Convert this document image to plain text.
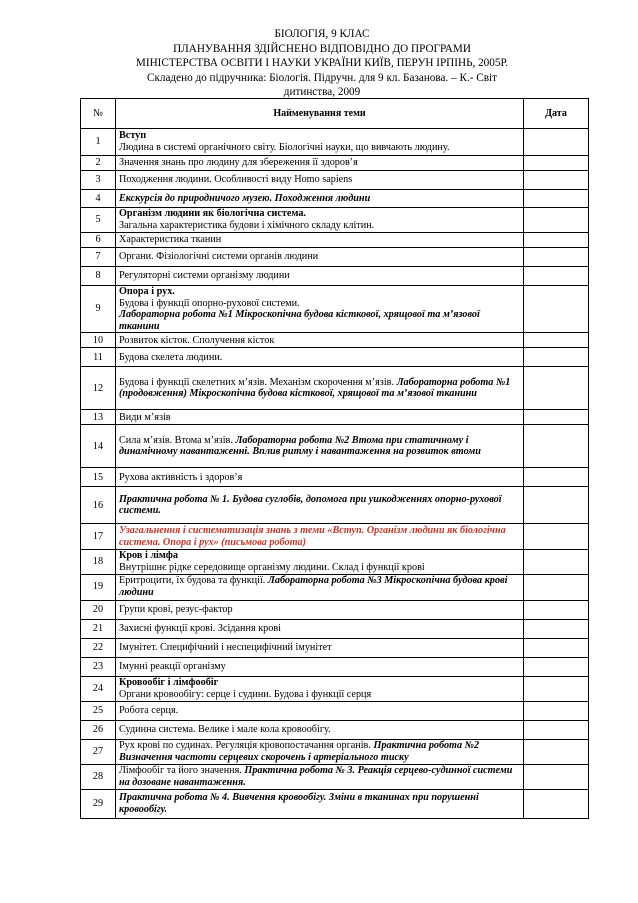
БІОЛОГІЯ, 9 КЛАС
ПЛАНУВАННЯ ЗДІЙСНЕНО ВІДПОВІДНО ДО ПРОГРАМИ
МІНІСТЕРСТВА ОСВІТИ І НАУКИ УКРАЇНИ КИЇВ, ПЕРУН ІРПІНЬ, 2005Р.
Складено до підручника: Біологія. Підручн. для 9 кл. Базанова. – К.- Світ
дитинства, 2009
№	Найменування теми	Дата
1	Вступ
Людина в системі органічного світу. Біологічні науки, що вивчають людину.	

2	Значення знань про людину для збереження її здоров’я	
3	Походження людини. Особливості виду Homo sapiens	
4	Екскурсія до природничого музею. Походження людини	
5	Організм людини як біологічна система.
Загальна характеристика будови і хімічного складу клітин.	

6	Характеристика тканин	
7	Органи. Фізіологічні системи органів людини	
8	Регуляторні системи організму людини	
9	Опора і рух.
Будова і функції опорно-рухової системи.
Лабораторна робота №1 Мікроскопічна будова кісткової, хрящової та м’язової тканини	
10	Розвиток кісток. Сполучення кісток	
11	Будова скелета людини.	
12	Будова і функції скелетних м’язів. Механізм скорочення м’язів. Лабораторна робота №1 (продовження) Мікроскопічна будова кісткової, хрящової та м’язової тканини	
13	Види м’язів	
14	Сила м’язів. Втома м’язів. Лабораторна робота №2 Втома при статичному і динамічному навантаженні. Вплив ритму і навантаження на розвиток втоми	
15	Рухова активність і здоров’я	
16	Практична робота № 1. Будова суглобів, допомога при ушкодженнях опорно-рухової системи.	
17	Узагальнення і систематизація знань з теми «Вступ. Організм людини як біологічна система. Опора і рух» (письмова робота)	
18	Кров і лімфа
Внутрішнє рідке середовище організму людини. Склад і функції крові	

19	Еритроцити, їх будова та функції. Лабораторна робота №3 Мікроскопічна будова крові людини	
20	Групи крові, резус-фактор	
21	Захисні функції крові. Зсідання крові	
22	Імунітет. Специфічний і неспецифічний імунітет	
23	Імунні реакції організму	
24	Кровообіг і лімфообіг
Органи кровообігу: серце і судини. Будова і функції серця	

25	Робота серця.	
26	Судинна система. Велике і мале кола кровообігу.	
27	Рух крові по судинах. Регуляція кровопостачання органів. Практична робота №2 Визначення частоти серцевих скорочень і артеріального тиску	
28	Лімфообіг та його значення. Практична робота № 3. Реакція серцево-судинної системи на дозоване навантаження.	
29	Практична робота № 4. Вивчення кровообігу. Зміни в тканинах при порушенні кровообігу.	
